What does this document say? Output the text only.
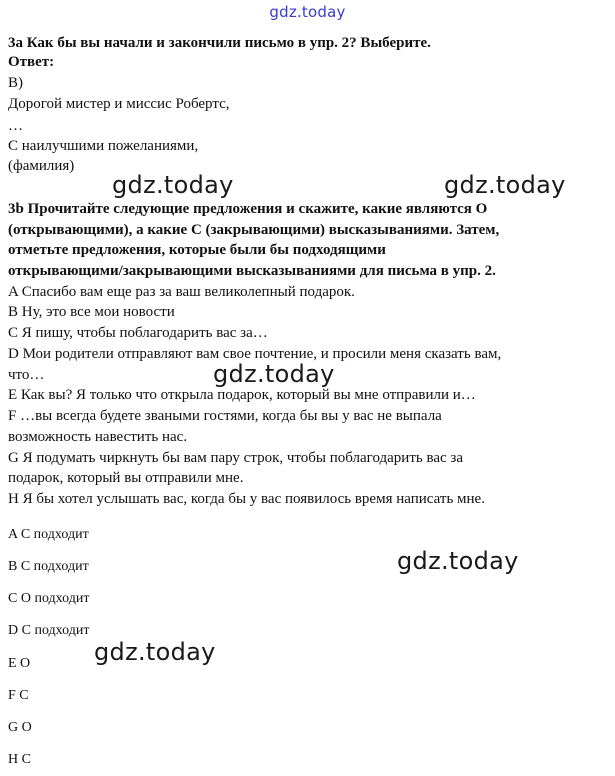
gdz.today
3а Как бы вы начали и закончили письмо в упр. 2? Выберите.
Ответ:
B)
Дорогой мистер и миссис Робертс,
…
С наилучшими пожеланиями,
(фамилия)
3b Прочитайте следующие предложения и скажите, какие являются O
(открывающими), а какие C (закрывающими) высказываниями. Затем,
отметьте предложения, которые были бы подходящими
открывающими/закрывающими высказываниями для письма в упр. 2.
A Спасибо вам еще раз за ваш великолепный подарок.
B Ну, это все мои новости
C Я пишу, чтобы поблагодарить вас за…
D Мои родители отправляют вам свое почтение, и просили меня сказать вам,
что…
E Как вы? Я только что открыла подарок, который вы мне отправили и…
F …вы всегда будете зваными гостями, когда бы вы у вас не выпала
возможность навестить нас.
G Я подумать чиркнуть бы вам пару строк, чтобы поблагодарить вас за
подарок, который вы отправили мне.
H Я бы хотел услышать вас, когда бы у вас появилось время написать мне.
A C подходит
B C подходит
C O подходит
D C подходит
E O
F C
G O
H C
gdz.today	gdz.today
gdz.today
gdz.today
gdz.today
